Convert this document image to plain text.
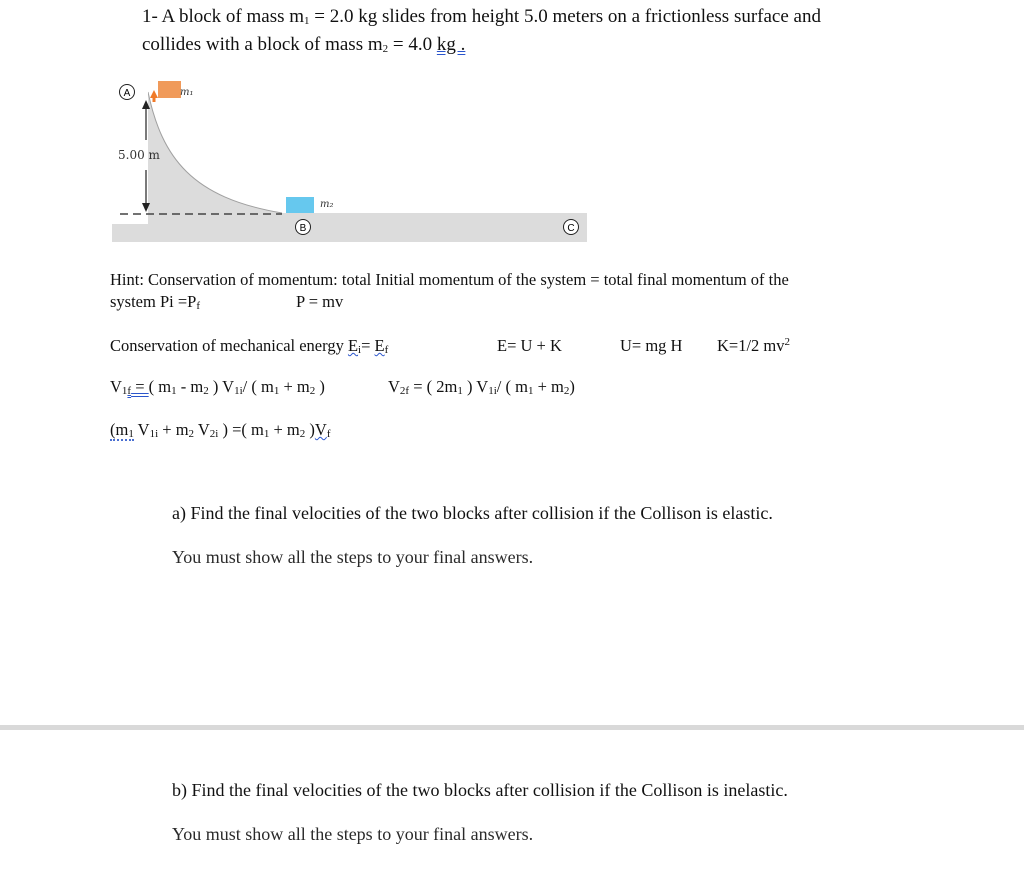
1- A block of mass m1 = 2.0 kg slides from height 5.0 meters on a frictionless surface and
collides with a block of mass m2 = 4.0 kg .
A
B	C
m₁
m₂
5.00 m
Hint: Conservation of momentum: total Initial momentum of the system = total final momentum of the
system Pi =Pf	P = mv
Conservation of mechanical energy Ei= Ef	E= U + K	U= mg H K=1/2 $mv^2$
V1f = ( m1 - m2 ) V1i/ ( m1 + m2 )	V2f = ( 2m1 ) V1i/ ( m1 + m2)
(m1 V1i + m2 V2i ) =( m1 + m2 )Vf
a) Find the final velocities of the two blocks after collision if the Collison is elastic.
You must show all the steps to your final answers.
b) Find the final velocities of the two blocks after collision if the Collison is inelastic.
You must show all the steps to your final answers.
